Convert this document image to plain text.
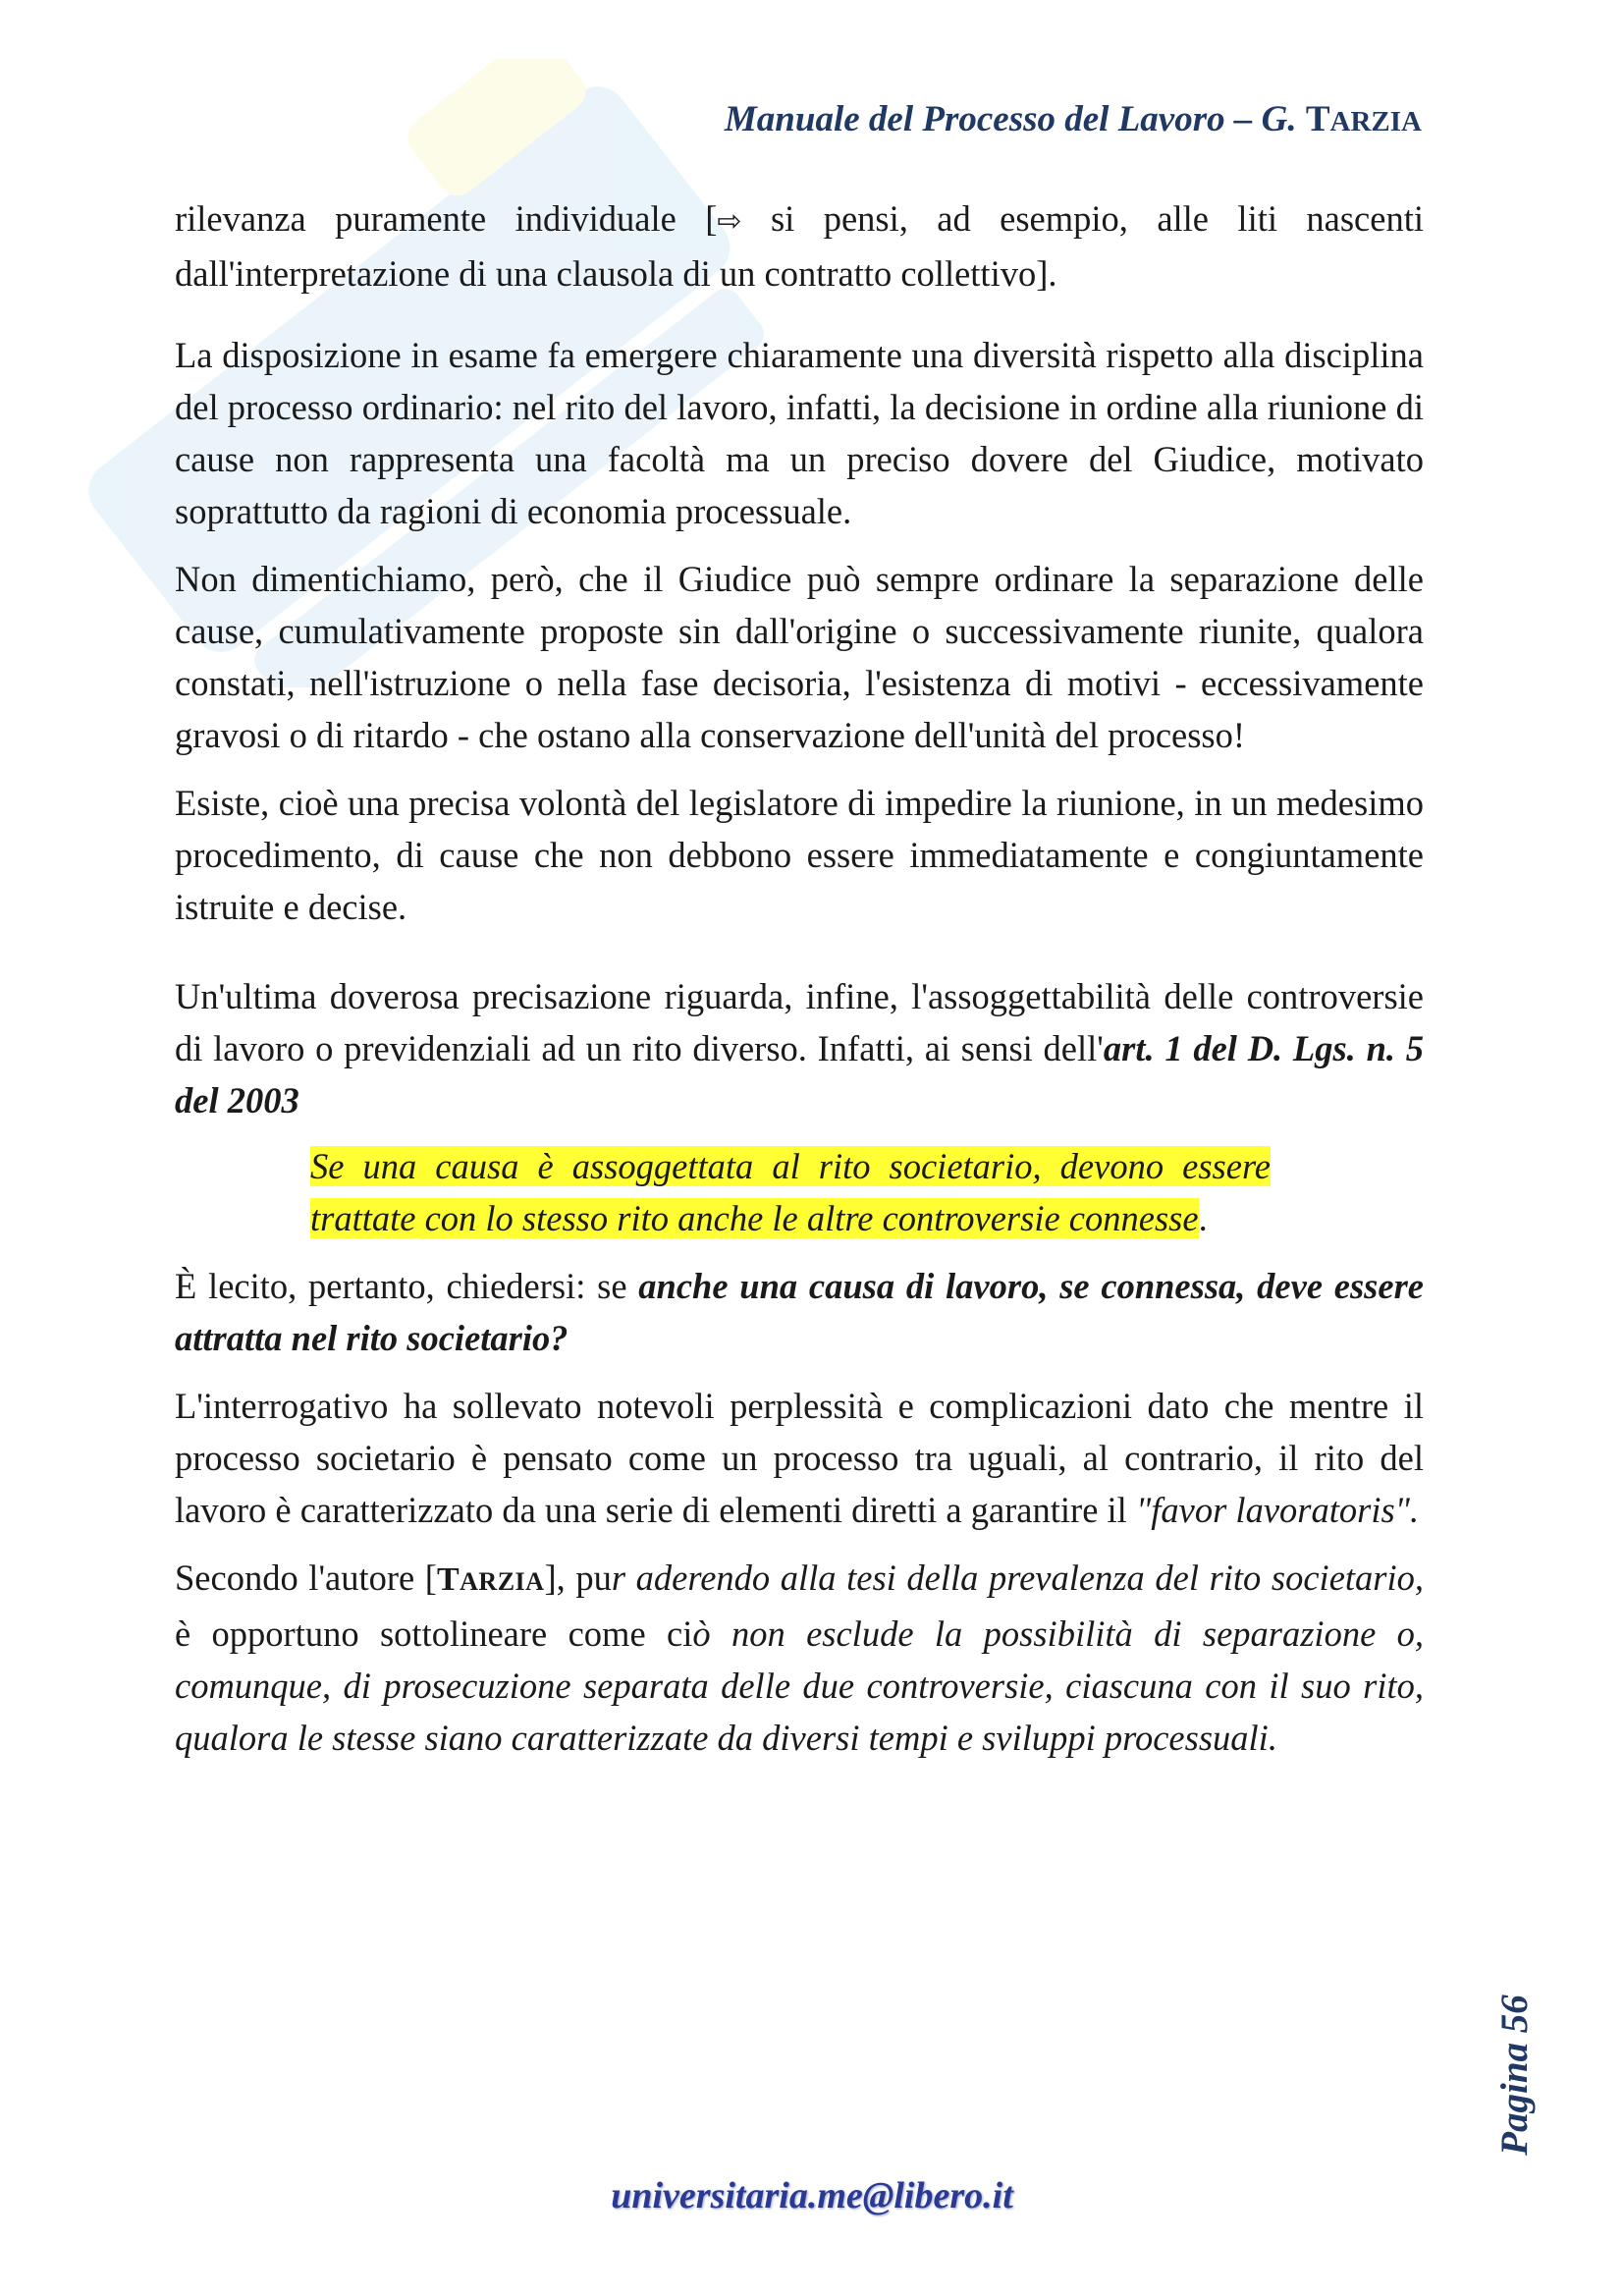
Manuale del Processo del Lavoro – G. TARZIA

rilevanza puramente individuale [⇨ si pensi, ad esempio, alle liti nascenti dall'interpretazione di una clausola di un contratto collettivo].

La disposizione in esame fa emergere chiaramente una diversità rispetto alla disciplina del processo ordinario: nel rito del lavoro, infatti, la decisione in ordine alla riunione di cause non rappresenta una facoltà ma un preciso dovere del Giudice, motivato soprattutto da ragioni di economia processuale.

Non dimentichiamo, però, che il Giudice può sempre ordinare la separazione delle cause, cumulativamente proposte sin dall'origine o successivamente riunite, qualora constati, nell'istruzione o nella fase decisoria, l'esistenza di motivi - eccessivamente gravosi o di ritardo - che ostano alla conservazione dell'unità del processo!

Esiste, cioè una precisa volontà del legislatore di impedire la riunione, in un medesimo procedimento, di cause che non debbono essere immediatamente e congiuntamente istruite e decise.

Un'ultima doverosa precisazione riguarda, infine, l'assoggettabilità delle controversie di lavoro o previdenziali ad un rito diverso. Infatti, ai sensi dell'art. 1 del D. Lgs. n. 5 del 2003

Se una causa è assoggettata al rito societario, devono essere trattate con lo stesso rito anche le altre controversie connesse.

È lecito, pertanto, chiedersi: se anche una causa di lavoro, se connessa, deve essere attratta nel rito societario?

L'interrogativo ha sollevato notevoli perplessità e complicazioni dato che mentre il processo societario è pensato come un processo tra uguali, al contrario, il rito del lavoro è caratterizzato da una serie di elementi diretti a garantire il "favor lavoratoris".

Secondo l'autore [TARZIA], pur aderendo alla tesi della prevalenza del rito societario, è opportuno sottolineare come ciò non esclude la possibilità di separazione o, comunque, di prosecuzione separata delle due controversie, ciascuna con il suo rito, qualora le stesse siano caratterizzate da diversi tempi e sviluppi processuali.

Pagina 56
universitaria.me@libero.it
